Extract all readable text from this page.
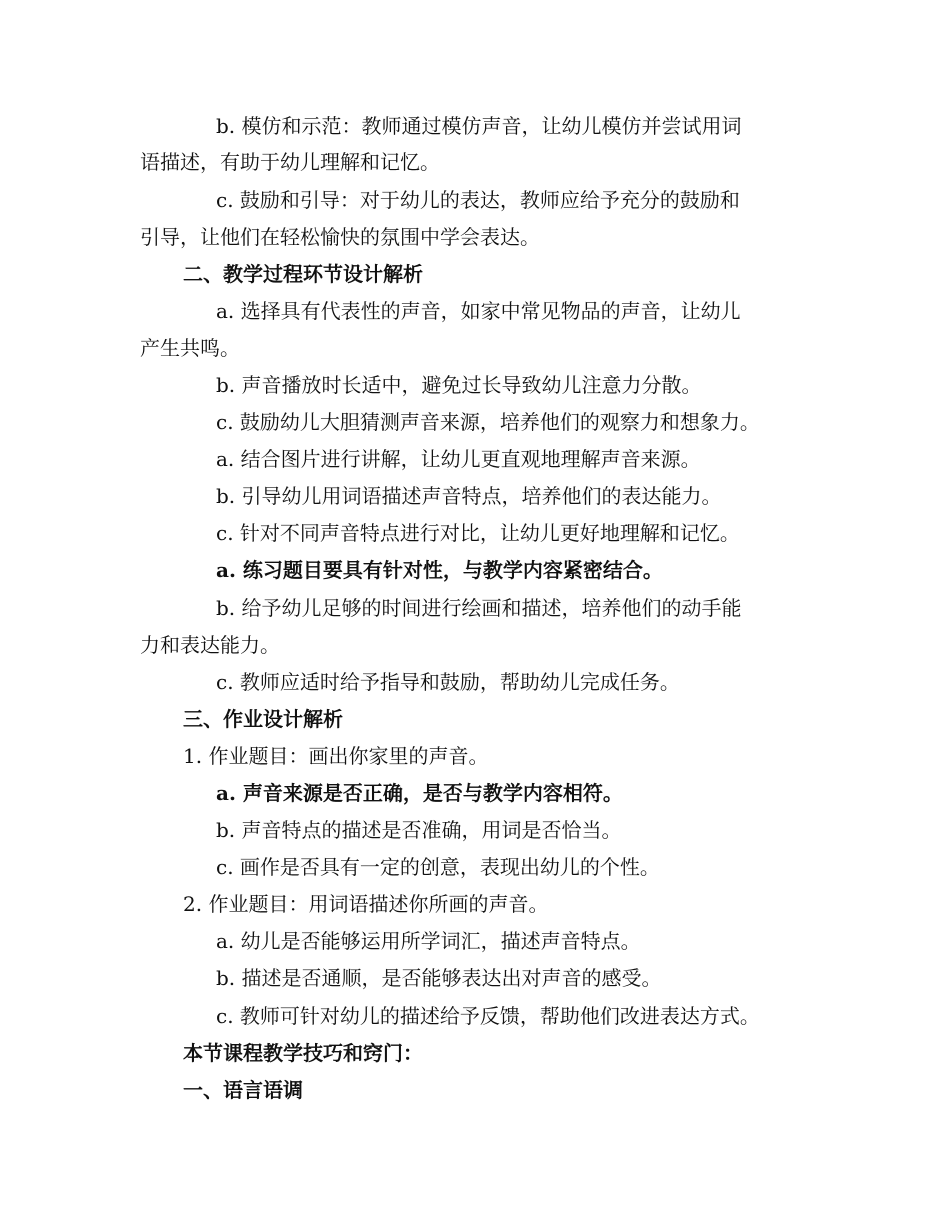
b. 模仿和示范：教师通过模仿声音，让幼儿模仿并尝试用词
语描述，有助于幼儿理解和记忆。
c. 鼓励和引导：对于幼儿的表达，教师应给予充分的鼓励和
引导，让他们在轻松愉快的氛围中学会表达。
二、教学过程环节设计解析
a. 选择具有代表性的声音，如家中常见物品的声音，让幼儿
产生共鸣。
b. 声音播放时长适中，避免过长导致幼儿注意力分散。
c. 鼓励幼儿大胆猜测声音来源，培养他们的观察力和想象力。
a. 结合图片进行讲解，让幼儿更直观地理解声音来源。
b. 引导幼儿用词语描述声音特点，培养他们的表达能力。
c. 针对不同声音特点进行对比，让幼儿更好地理解和记忆。
a. 练习题目要具有针对性，与教学内容紧密结合。
b. 给予幼儿足够的时间进行绘画和描述，培养他们的动手能
力和表达能力。
c. 教师应适时给予指导和鼓励，帮助幼儿完成任务。
三、作业设计解析
1. 作业题目：画出你家里的声音。
a. 声音来源是否正确，是否与教学内容相符。
b. 声音特点的描述是否准确，用词是否恰当。
c. 画作是否具有一定的创意，表现出幼儿的个性。
2. 作业题目：用词语描述你所画的声音。
a. 幼儿是否能够运用所学词汇，描述声音特点。
b. 描述是否通顺，是否能够表达出对声音的感受。
c. 教师可针对幼儿的描述给予反馈，帮助他们改进表达方式。
本节课程教学技巧和窍门：
一、语言语调
